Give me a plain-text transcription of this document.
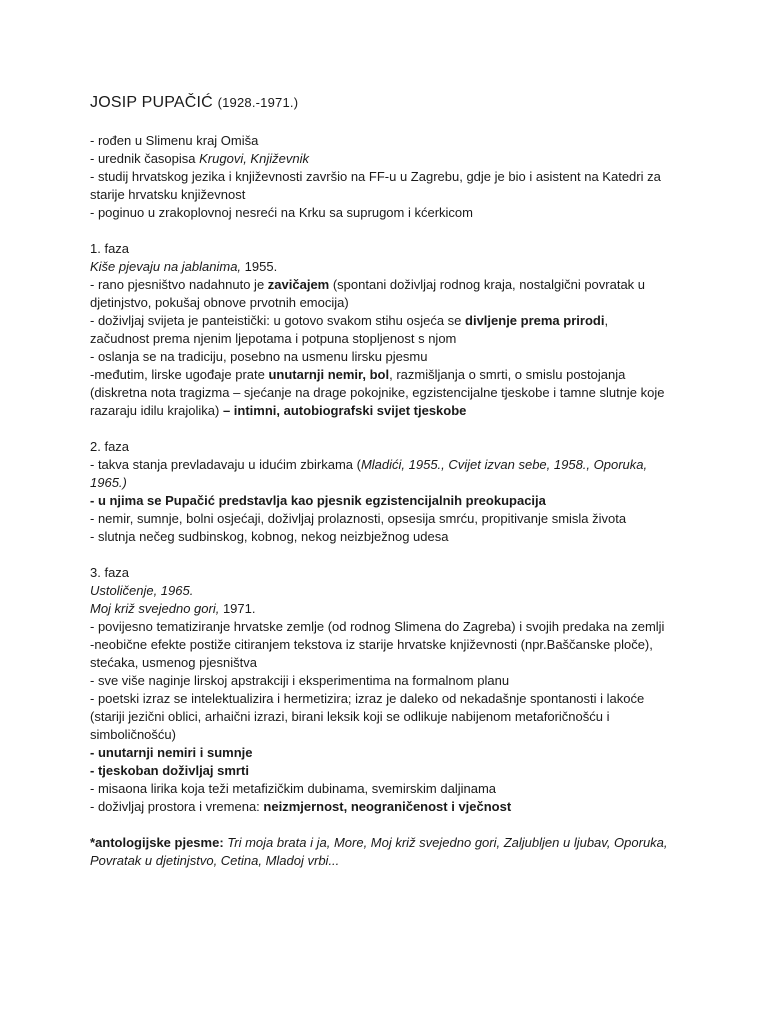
JOSIP PUPAČIĆ (1928.-1971.)
- rođen u Slimenu kraj Omiša
- urednik časopisa Krugovi, Književnik
- studij hrvatskog jezika i književnosti završio na FF-u u Zagrebu, gdje je bio i asistent na Katedri za starije hrvatsku književnost
- poginuo u zrakoplovnoj nesreći na Krku sa suprugom i kćerkicom
1. faza
Kiše pjevaju na jablanima, 1955.
- rano pjesništvo nadahnuto je zavičajem (spontani doživljaj rodnog kraja, nostalgični povratak u djetinjstvo, pokušaj obnove prvotnih emocija)
- doživljaj svijeta je panteistički: u gotovo svakom stihu osjeća se divljenje prema prirodi, začudnost prema njenim ljepotama i potpuna stopljenost s njom
- oslanja se na tradiciju, posebno na usmenu lirsku pjesmu
-međutim, lirske ugođaje prate unutarnji nemir, bol, razmišljanja o smrti, o smislu postojanja (diskretna nota tragizma – sjećanje na drage pokojnike, egzistencijalne tjeskobe i tamne slutnje koje razaraju idilu krajolika) – intimni, autobiografski svijet tjeskobe
2. faza
- takva stanja prevladavaju u idućim zbirkama (Mladići, 1955., Cvijet izvan sebe, 1958., Oporuka, 1965.)
- u njima se Pupačić predstavlja kao pjesnik egzistencijalnih preokupacija
- nemir, sumnje, bolni osjećaji, doživljaj prolaznosti, opsesija smrću, propitivanje smisla života
- slutnja nečeg sudbinskog, kobnog, nekog neizbježnog udesa
3. faza
Ustoličenje, 1965.
Moj križ svejedno gori, 1971.
- povijesno tematiziranje hrvatske zemlje (od rodnog Slimena do Zagreba) i svojih predaka na zemlji
-neobične efekte postiže citiranjem tekstova iz starije hrvatske književnosti (npr.Baščanske ploče), stećaka, usmenog pjesništva
- sve više naginje lirskoj apstrakciji i eksperimentima na formalnom planu
- poetski izraz se intelektualizira i hermetizira; izraz je daleko od nekadašnje spontanosti i lakoće (stariji jezični oblici, arhaični izrazi, birani leksik koji se odlikuje nabijenom metaforičnošću i simboličnošću)
- unutarnji nemiri i sumnje
- tjeskoban doživljaj smrti
- misaona lirika koja teži metafizičkim dubinama, svemirskim daljinama
- doživljaj prostora i vremena: neizmjernost, neograničenost i vječnost
*antologijske pjesme: Tri moja brata i ja, More, Moj križ svejedno gori, Zaljubljen u ljubav, Oporuka, Povratak u djetinjstvo, Cetina, Mladoj vrbi...
